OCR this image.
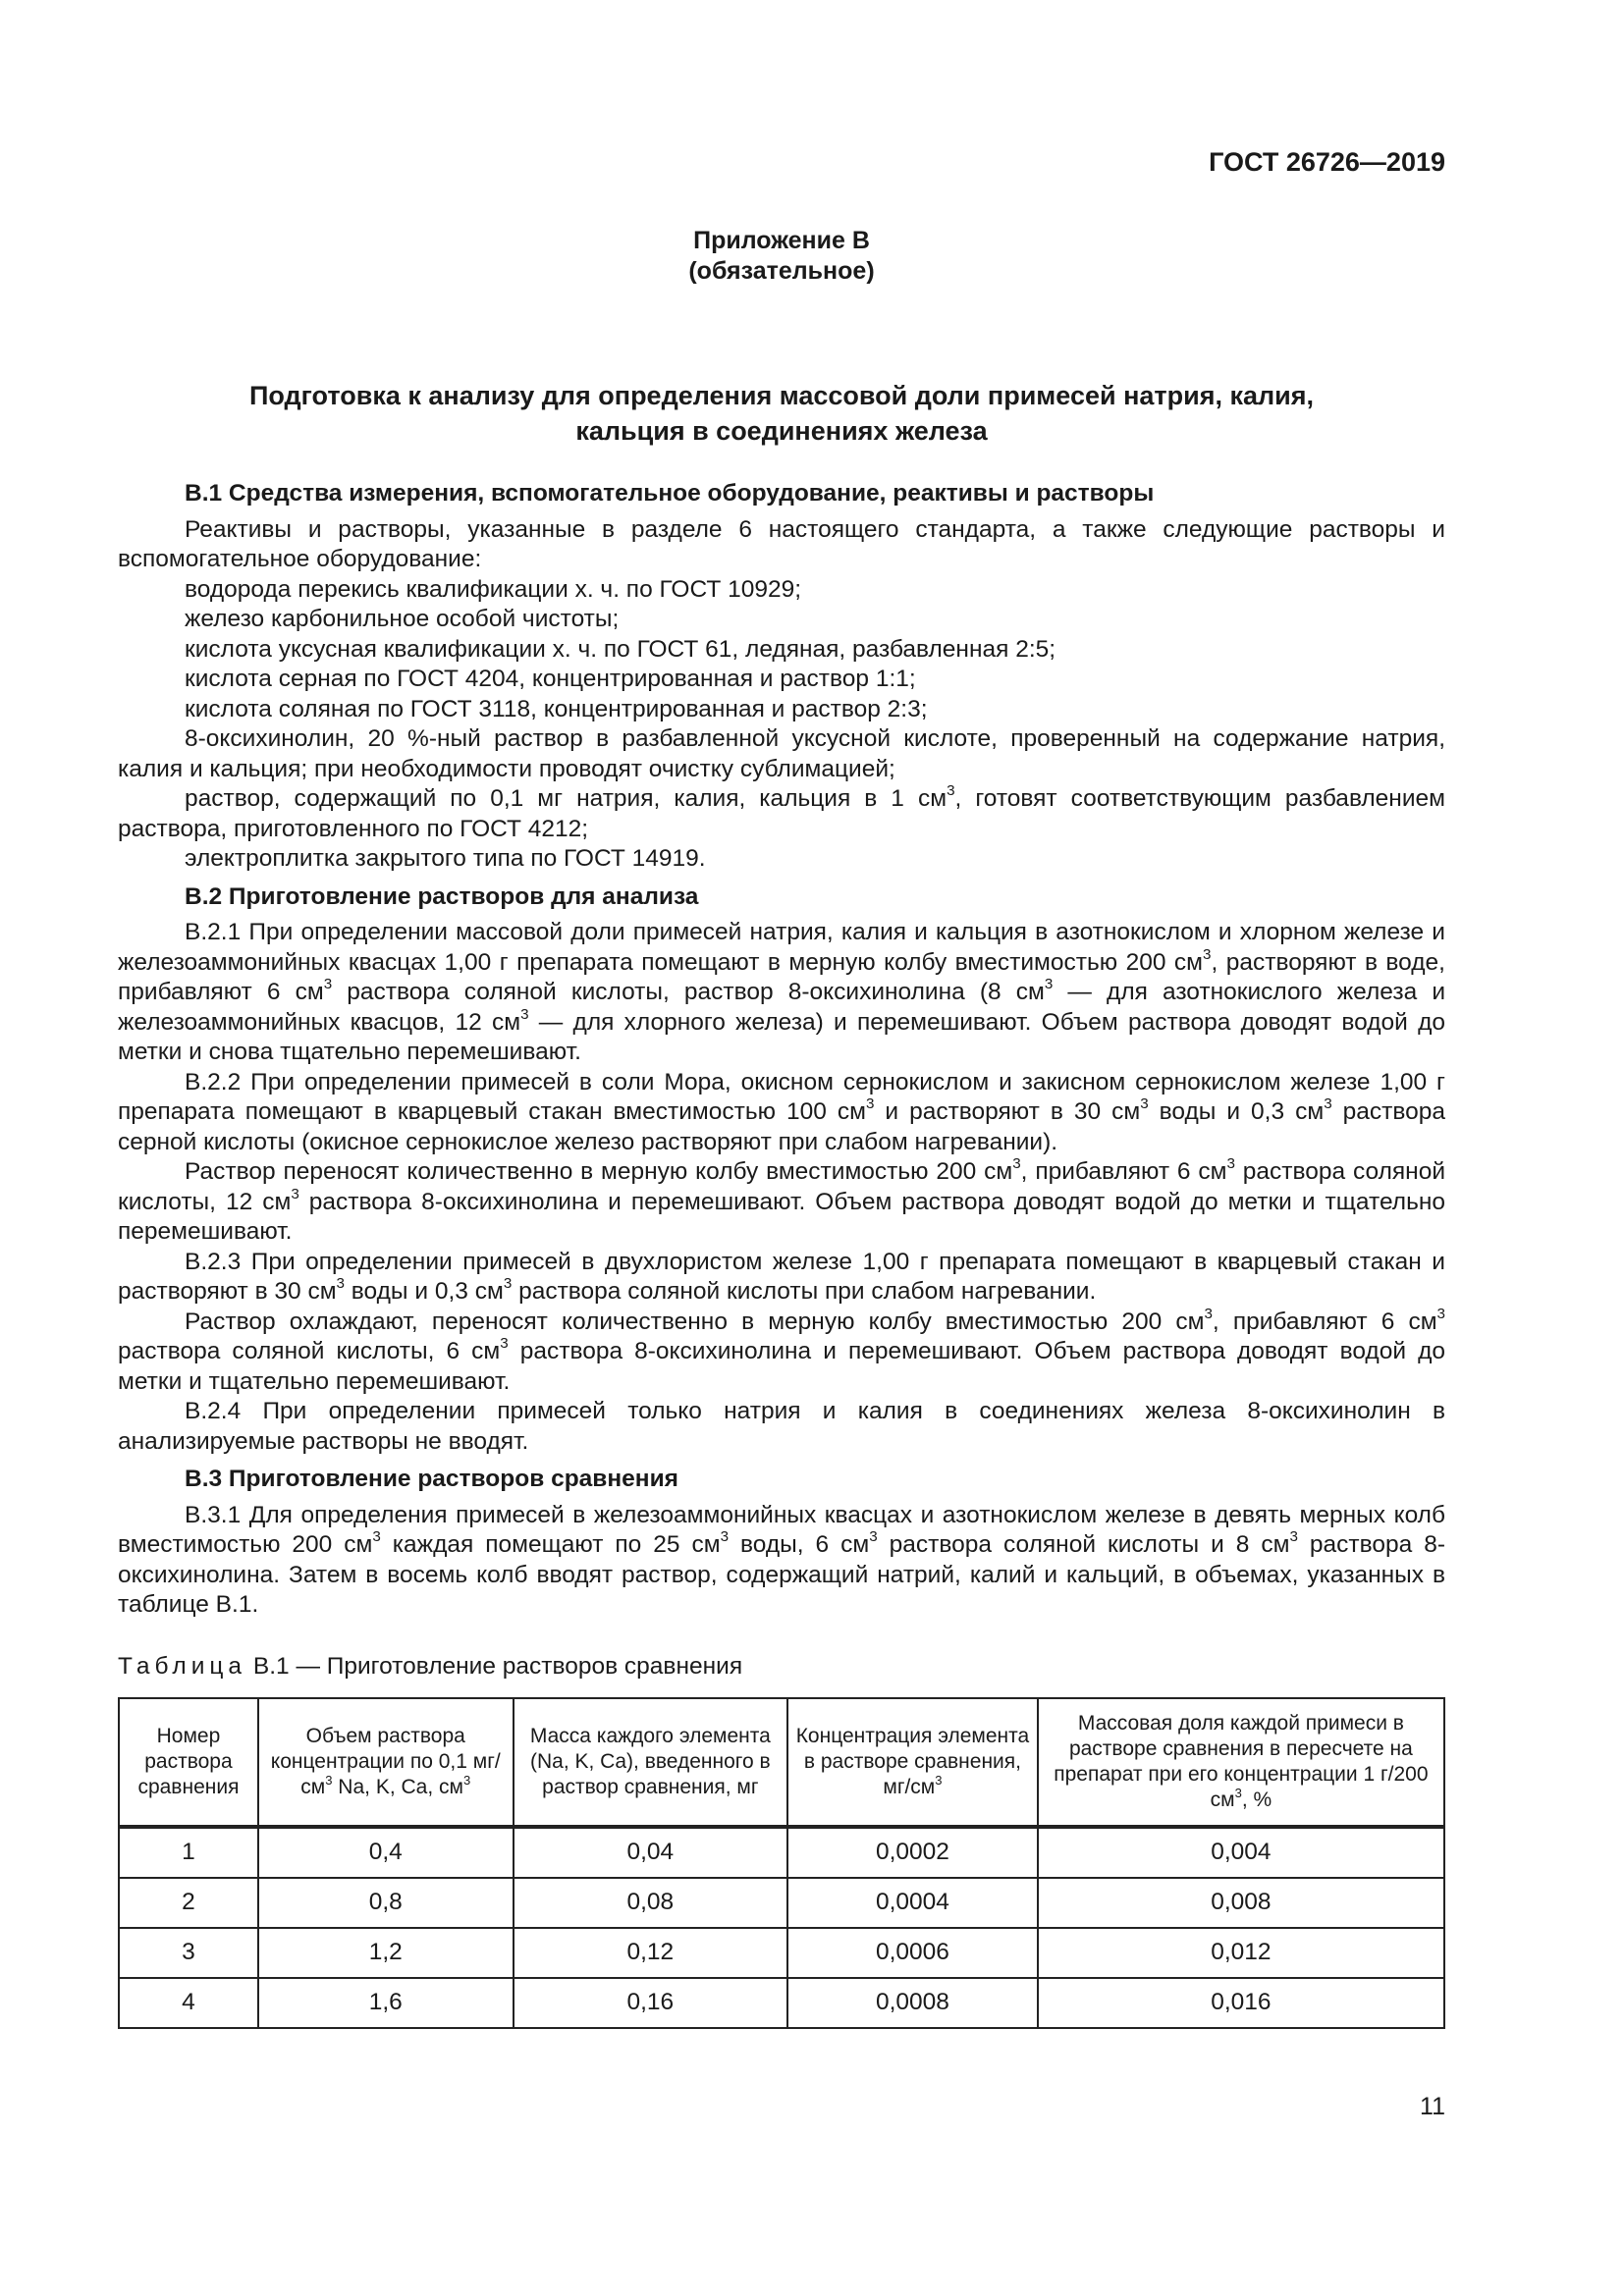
ГОСТ 26726—2019
Приложение В
(обязательное)
Подготовка к анализу для определения массовой доли примесей натрия, калия,
кальция в соединениях железа

В.1 Средства измерения, вспомогательное оборудование, реактивы и растворы

Реактивы и растворы, указанные в разделе 6 настоящего стандарта, а также следующие растворы и вспомогательное оборудование:

водорода перекись квалификации х. ч. по ГОСТ 10929;

железо карбонильное особой чистоты;

кислота уксусная квалификации х. ч. по ГОСТ 61, ледяная, разбавленная 2:5;

кислота серная по ГОСТ 4204, концентрированная и раствор 1:1;

кислота соляная по ГОСТ 3118, концентрированная и раствор 2:3;

8-оксихинолин, 20 %-ный раствор в разбавленной уксусной кислоте, проверенный на содержание натрия, калия и кальция; при необходимости проводят очистку сублимацией;

раствор, содержащий по 0,1 мг натрия, калия, кальция в 1 $см^3$, готовят соответствующим разбавлением раствора, приготовленного по ГОСТ 4212;

электроплитка закрытого типа по ГОСТ 14919.

В.2 Приготовление растворов для анализа

В.2.1 При определении массовой доли примесей натрия, калия и кальция в азотнокислом и хлорном железе и железоаммонийных квасцах 1,00 г препарата помещают в мерную колбу вместимостью 200 $см^3$, растворяют в воде, прибавляют 6 $см^3$ раствора соляной кислоты, раствор 8-оксихинолина (8 $см^3$ — для азотнокислого железа и железоаммонийных квасцов, 12 $см^3$ — для хлорного железа) и перемешивают. Объем раствора доводят водой до метки и снова тщательно перемешивают.

В.2.2 При определении примесей в соли Мора, окисном сернокислом и закисном сернокислом железе 1,00 г препарата помещают в кварцевый стакан вместимостью 100 $см^3$ и растворяют в 30 $см^3$ воды и 0,3 $см^3$ раствора серной кислоты (окисное сернокислое железо растворяют при слабом нагревании).

Раствор переносят количественно в мерную колбу вместимостью 200 $см^3$, прибавляют 6 $см^3$ раствора соляной кислоты, 12 $см^3$ раствора 8-оксихинолина и перемешивают. Объем раствора доводят водой до метки и тщательно перемешивают.

В.2.3 При определении примесей в двухлористом железе 1,00 г препарата помещают в кварцевый стакан и растворяют в 30 $см^3$ воды и 0,3 $см^3$ раствора соляной кислоты при слабом нагревании.

Раствор охлаждают, переносят количественно в мерную колбу вместимостью 200 $см^3$, прибавляют 6 $см^3$ раствора соляной кислоты, 6 $см^3$ раствора 8-оксихинолина и перемешивают. Объем раствора доводят водой до метки и тщательно перемешивают.

В.2.4 При определении примесей только натрия и калия в соединениях железа 8-оксихинолин в анализируемые растворы не вводят.

В.3 Приготовление растворов сравнения

В.3.1 Для определения примесей в железоаммонийных квасцах и азотнокислом железе в девять мерных колб вместимостью 200 $см^3$ каждая помещают по 25 $см^3$ воды, 6 $см^3$ раствора соляной кислоты и 8 $см^3$ раствора 8-оксихинолина. Затем в восемь колб вводят раствор, содержащий натрий, калий и кальций, в объемах, указанных в таблице В.1.

Таблица В.1 — Приготовление растворов сравнения
Номер раствора сравнения	Объем раствора концентрации по 0,1 $мг/см^3$ Na, K, Ca, $см^3$	Масса каждого элемента (Na, K, Ca), введенного в раствор сравнения, мг	Концентрация элемента в растворе сравнения, $мг/см^3$	Массовая доля каждой примеси в растворе сравнения в пересчете на препарат при его концентрации 1 г/200 $см^3$, %
1	0,4	0,04	0,0002	0,004
2	0,8	0,08	0,0004	0,008
3	1,2	0,12	0,0006	0,012
4	1,6	0,16	0,0008	0,016
11
